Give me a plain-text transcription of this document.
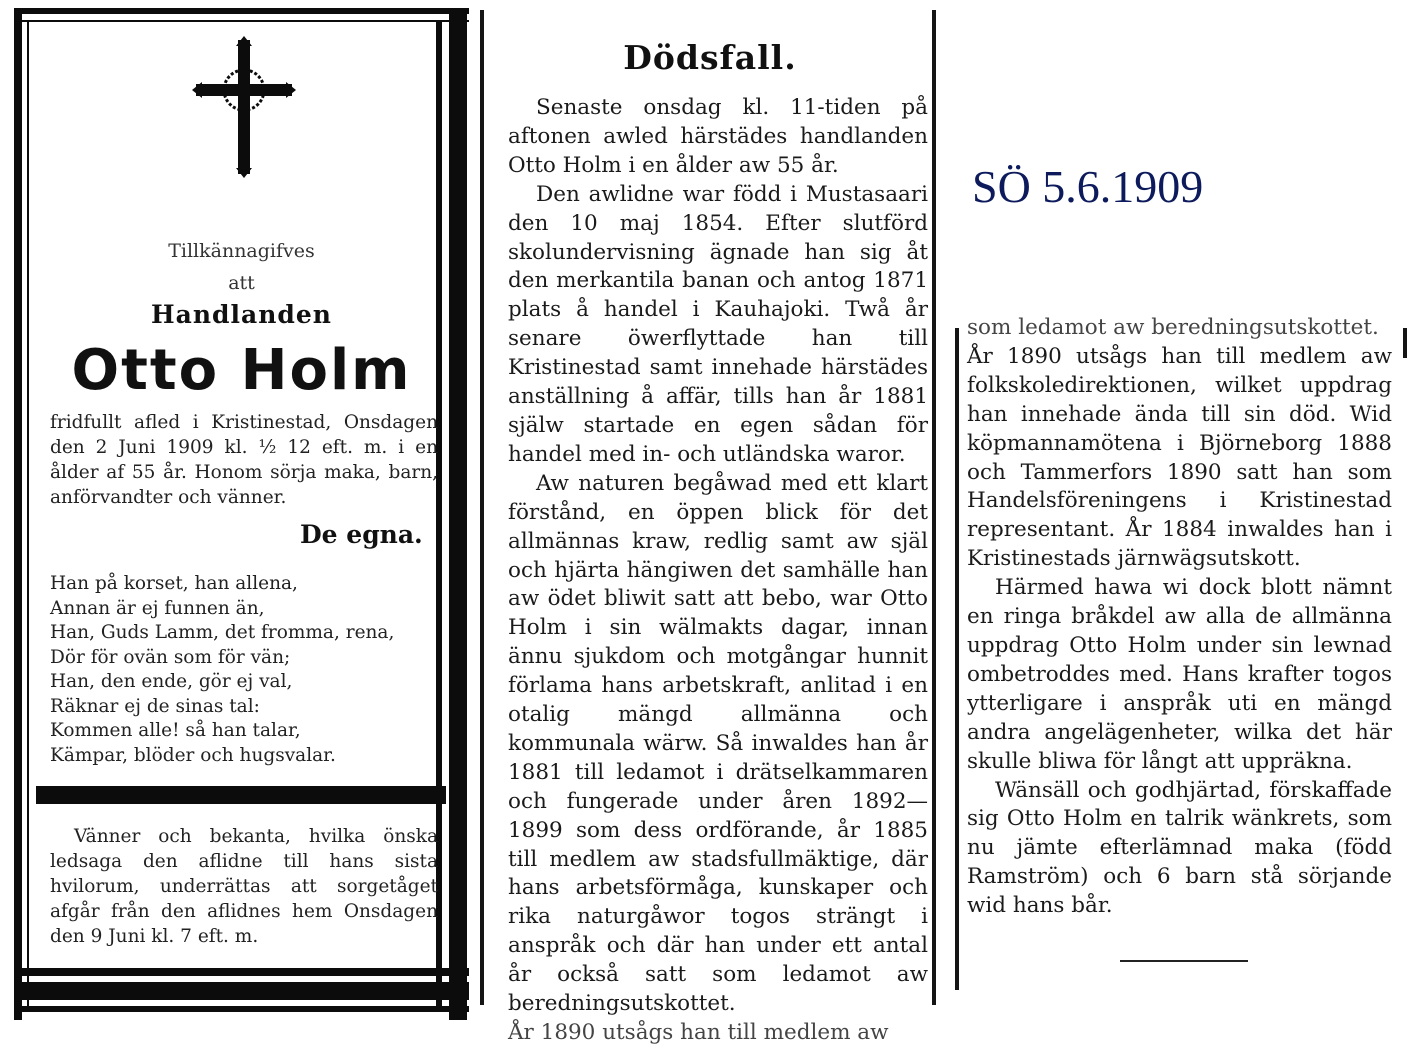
Tillkännagifves
att
Handlanden
Otto Holm
fridfullt afled i Kristinestad, Onsdagen den 2 Juni 1909 kl. ½ 12 eft. m. i en ålder af 55 år. Honom sörja maka, barn, anförvandter och vänner.
De egna.
Han på korset, han allena,
Annan är ej funnen än,
Han, Guds Lamm, det fromma, rena,
Dör för ovän som för vän;
Han, den ende, gör ej val,
Räknar ej de sinas tal:
Kommen alle! så han talar,
Kämpar, blöder och hugsvalar.
Vänner och bekanta, hvilka önska ledsaga den aflidne till hans sista hvilorum, underrättas att sorgetåget afgår från den aflidnes hem Onsdagen den 9 Juni kl. 7 eft. m.
Dödsfall.

Senaste onsdag kl. 11-tiden på aftonen awled härstädes handlanden Otto Holm i en ålder aw 55 år.

Den awlidne war född i Mustasaari den 10 maj 1854. Efter slutförd skolundervisning ägnade han sig åt den merkantila banan och antog 1871 plats å handel i Kauhajoki. Twå år senare öwerflyttade han till Kristinestad samt innehade härstädes anställning å affär, tills han år 1881 själw startade en egen sådan för handel med in- och utländska waror.

Aw naturen begåwad med ett klart förstånd, en öppen blick för det allmännas kraw, redlig samt aw själ och hjärta hängiwen det samhälle han aw ödet bliwit satt att bebo, war Otto Holm i sin wälmakts dagar, innan ännu sjukdom och motgångar hunnit förlama hans arbetskraft, anlitad i en otalig mängd allmänna och kommunala wärw. Så inwaldes han år 1881 till ledamot i drätselkammaren och fungerade under åren 1892—1899 som dess ordförande, år 1885 till medlem aw stadsfullmäktige, där hans arbetsförmåga, kunskaper och rika naturgåwor togos strängt i anspråk och där han under ett antal år också satt som ledamot aw beredningsutskottet.

År 1890 utsågs han till medlem aw
SÖ 5.6.1909
som ledamot aw beredningsutskottet.

År 1890 utsågs han till medlem aw folkskoledirektionen, wilket uppdrag han innehade ända till sin död. Wid köpmannamötena i Björneborg 1888 och Tammerfors 1890 satt han som Handelsföreningens i Kristinestad representant. År 1884 inwaldes han i Kristinestads järnwägsutskott.

Härmed hawa wi dock blott nämnt en ringa bråkdel aw alla de allmänna uppdrag Otto Holm under sin lewnad ombetroddes med. Hans krafter togos ytterligare i anspråk uti en mängd andra angelägenheter, wilka det här skulle bliwa för långt att uppräkna.

Wänsäll och godhjärtad, förskaffade sig Otto Holm en talrik wänkrets, som nu jämte efterlämnad maka (född Ramström) och 6 barn stå sörjande wid hans bår.
